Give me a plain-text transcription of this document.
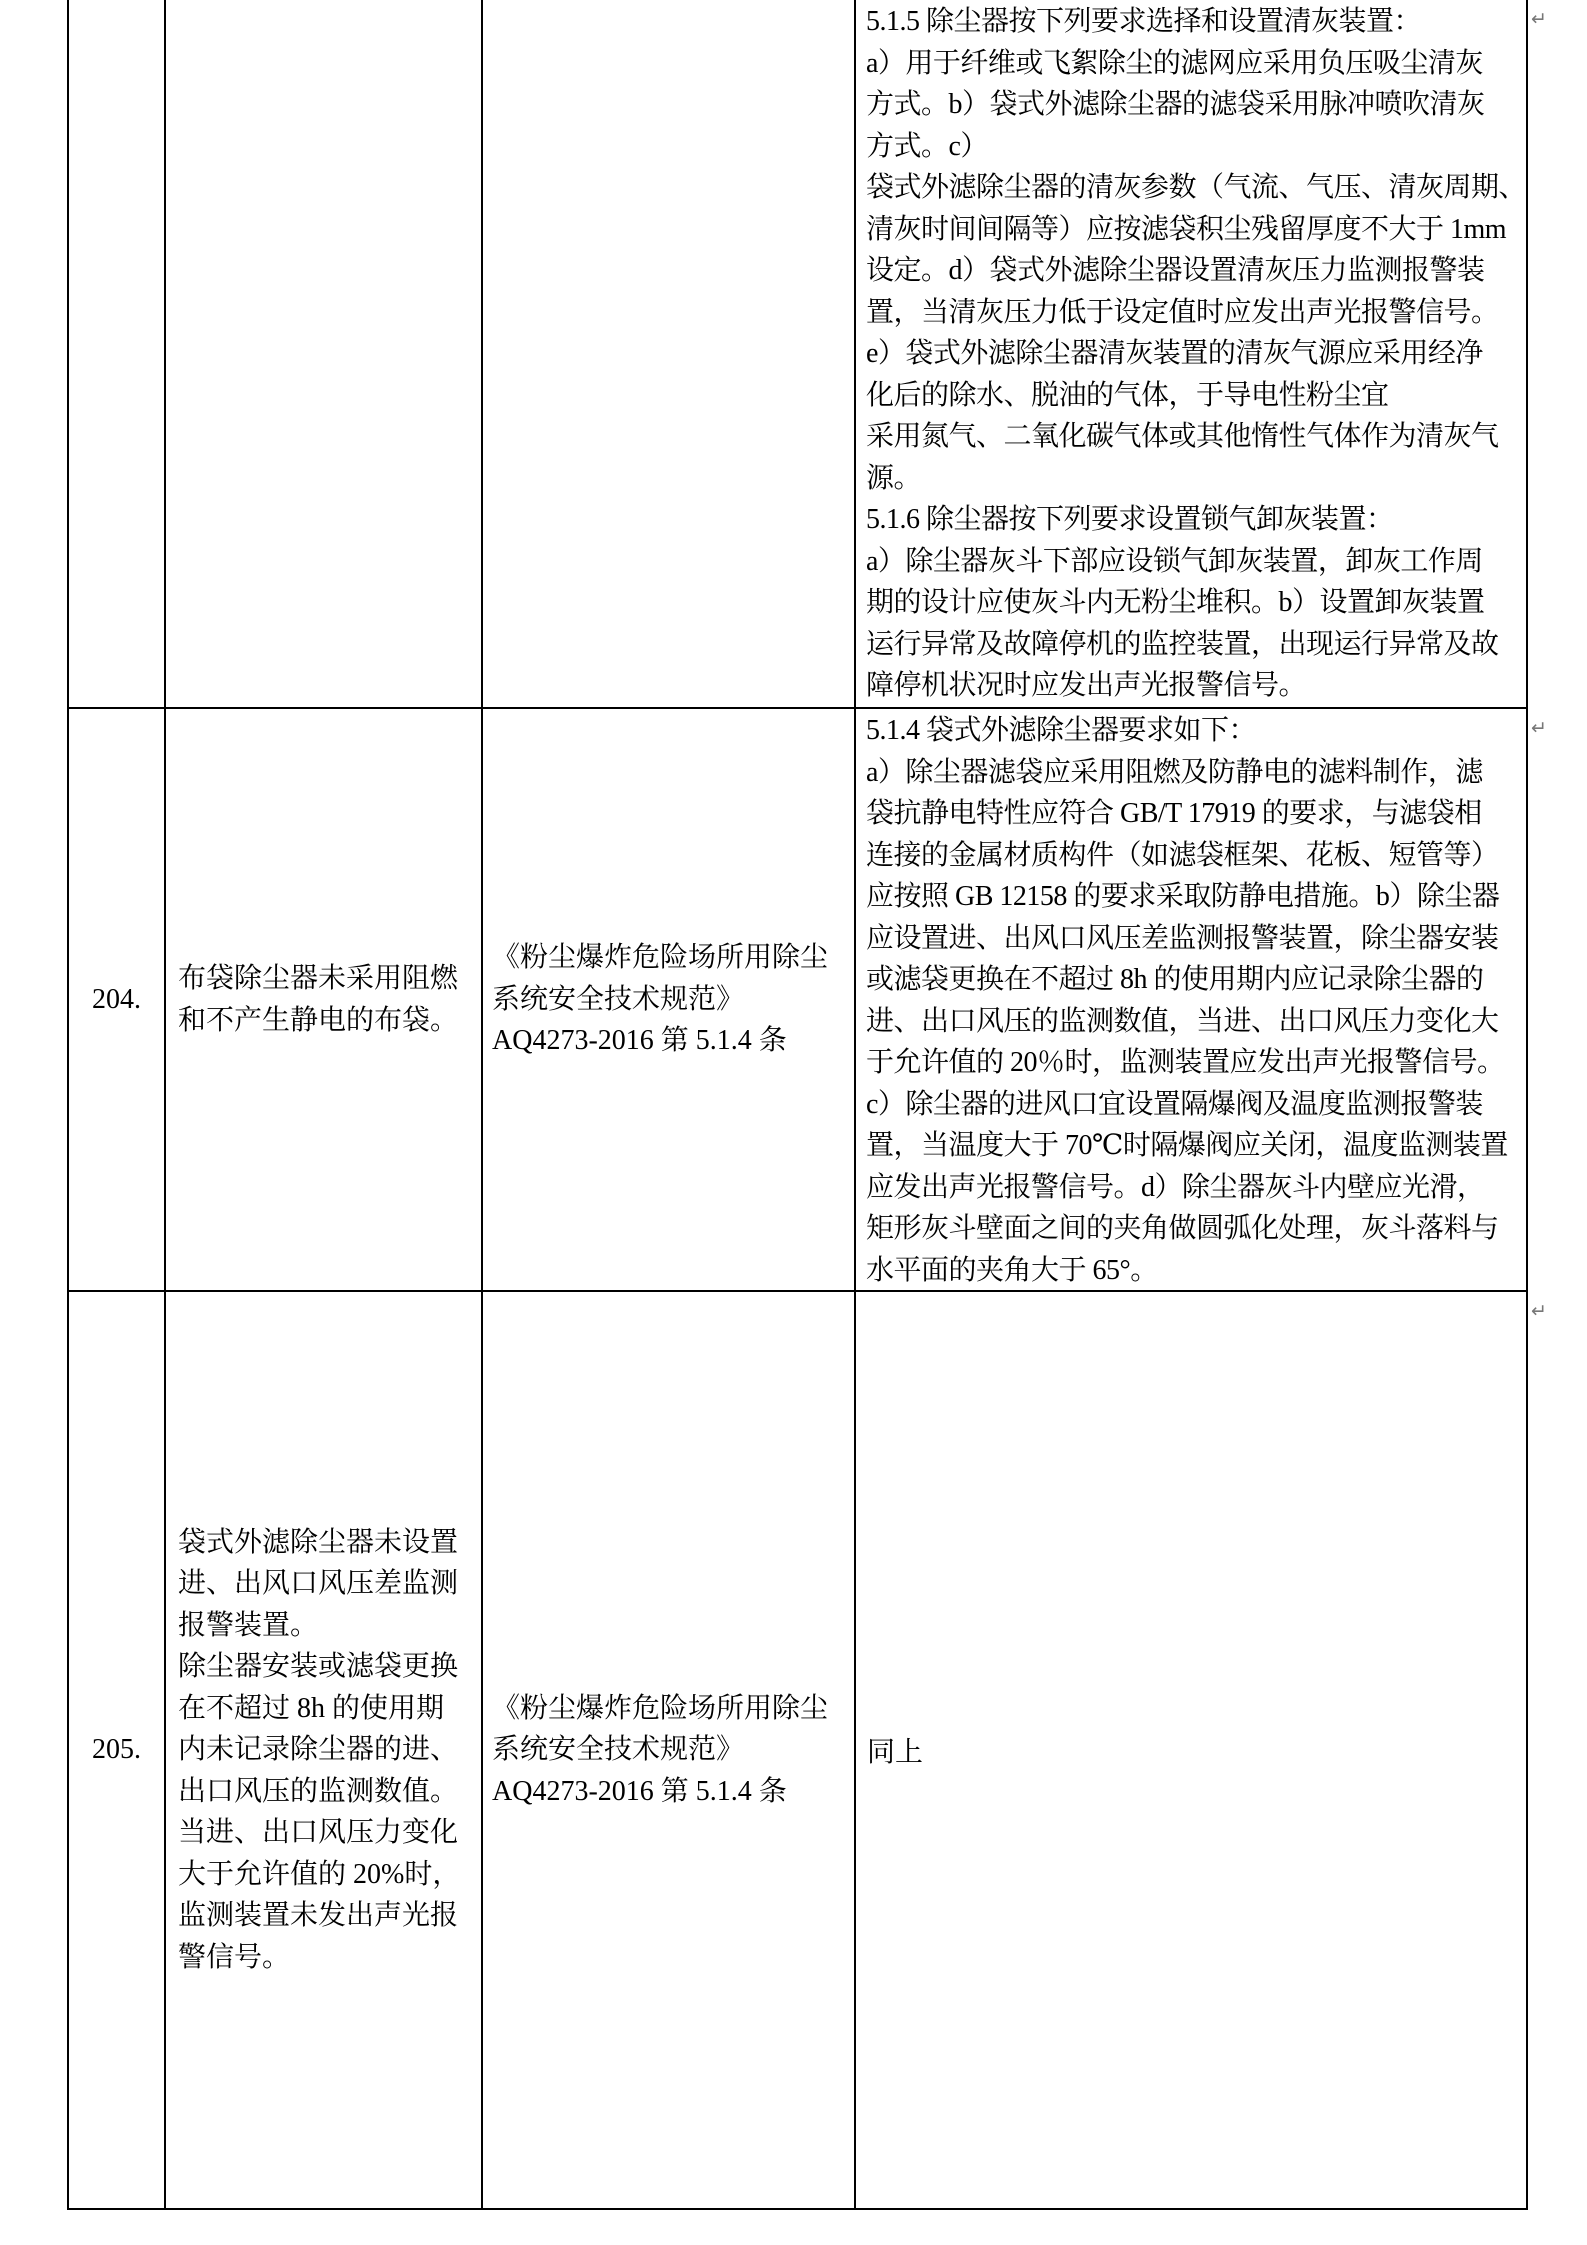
5.1.5 除尘器按下列要求选择和设置清灰装置：
a）用于纤维或飞絮除尘的滤网应采用负压吸尘清灰
方式。b）袋式外滤除尘器的滤袋采用脉冲喷吹清灰
方式。c）
袋式外滤除尘器的清灰参数（气流、气压、清灰周期、
清灰时间间隔等）应按滤袋积尘残留厚度不大于 1mm
设定。d）袋式外滤除尘器设置清灰压力监测报警装
置，当清灰压力低于设定值时应发出声光报警信号。
e）袋式外滤除尘器清灰装置的清灰气源应采用经净
化后的除水、脱油的气体，于导电性粉尘宜
采用氮气、二氧化碳气体或其他惰性气体作为清灰气
源。
5.1.6 除尘器按下列要求设置锁气卸灰装置：
a）除尘器灰斗下部应设锁气卸灰装置，卸灰工作周
期的设计应使灰斗内无粉尘堆积。b）设置卸灰装置
运行异常及故障停机的监控装置，出现运行异常及故
障停机状况时应发出声光报警信号。
204.
布袋除尘器未采用阻燃
和不产生静电的布袋。
《粉尘爆炸危险场所用除尘
系统安全技术规范》
AQ4273-2016 第 5.1.4 条
5.1.4 袋式外滤除尘器要求如下：
a）除尘器滤袋应采用阻燃及防静电的滤料制作，滤
袋抗静电特性应符合 GB/T 17919 的要求，与滤袋相
连接的金属材质构件（如滤袋框架、花板、短管等）
应按照 GB 12158 的要求采取防静电措施。b）除尘器
应设置进、出风口风压差监测报警装置，除尘器安装
或滤袋更换在不超过 8h 的使用期内应记录除尘器的
进、出口风压的监测数值，当进、出口风压力变化大
于允许值的 20％时，监测装置应发出声光报警信号。
c）除尘器的进风口宜设置隔爆阀及温度监测报警装
置，当温度大于 70℃时隔爆阀应关闭，温度监测装置
应发出声光报警信号。d）除尘器灰斗内壁应光滑，
矩形灰斗壁面之间的夹角做圆弧化处理，灰斗落料与
水平面的夹角大于 65°。
205.
袋式外滤除尘器未设置
进、出风口风压差监测
报警装置。
除尘器安装或滤袋更换
在不超过 8h 的使用期
内未记录除尘器的进、
出口风压的监测数值。
当进、出口风压力变化
大于允许值的 20%时，
监测装置未发出声光报
警信号。
《粉尘爆炸危险场所用除尘
系统安全技术规范》
AQ4273-2016 第 5.1.4 条
同上
↵
↵
↵
